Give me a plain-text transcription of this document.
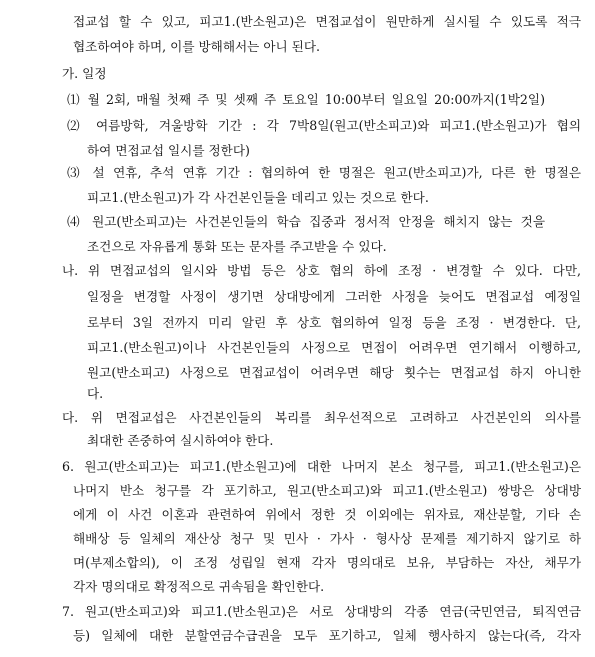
접교섭 할 수 있고, 피고1.(반소원고)은 면접교섭이 원만하게 실시될 수 있도록 적극
협조하여야 하며, 이를 방해해서는 아니 된다.
가. 일정
⑴ 월 2회, 매월 첫째 주 및 셋째 주 토요일 10:00부터 일요일 20:00까지(1박2일)
⑵ 여름방학, 겨울방학 기간 : 각 7박8일(원고(반소피고)와 피고1.(반소원고)가 협의
하여 면접교섭 일시를 정한다)
⑶ 설 연휴, 추석 연휴 기간 : 협의하여 한 명절은 원고(반소피고)가, 다른 한 명절은
피고1.(반소원고)가 각 사건본인들을 데리고 있는 것으로 한다.
⑷ 원고(반소피고)는 사건본인들의 학습 집중과 정서적 안정을 해치지 않는 것을
조건으로 자유롭게 통화 또는 문자를 주고받을 수 있다.
나. 위 면접교섭의 일시와 방법 등은 상호 협의 하에 조정 · 변경할 수 있다. 다만,
일정을 변경할 사정이 생기면 상대방에게 그러한 사정을 늦어도 면접교섭 예정일
로부터 3일 전까지 미리 알린 후 상호 협의하여 일정 등을 조정 · 변경한다. 단,
피고1.(반소원고)이나 사건본인들의 사정으로 면접이 어려우면 연기해서 이행하고,
원고(반소피고) 사정으로 면접교섭이 어려우면 해당 횟수는 면접교섭 하지 아니한
다.
다. 위 면접교섭은 사건본인들의 복리를 최우선적으로 고려하고 사건본인의 의사를
최대한 존중하여 실시하여야 한다.
6. 원고(반소피고)는 피고1.(반소원고)에 대한 나머지 본소 청구를, 피고1.(반소원고)은
나머지 반소 청구를 각 포기하고, 원고(반소피고)와 피고1.(반소원고) 쌍방은 상대방
에게 이 사건 이혼과 관련하여 위에서 정한 것 이외에는 위자료, 재산분할, 기타 손
해배상 등 일체의 재산상 청구 및 민사 · 가사 · 형사상 문제를 제기하지 않기로 하
며(부제소합의), 이 조정 성립일 현재 각자 명의대로 보유, 부담하는 자산, 채무가
각자 명의대로 확정적으로 귀속됨을 확인한다.
7. 원고(반소피고)와 피고1.(반소원고)은 서로 상대방의 각종 연금(국민연금, 퇴직연금
등) 일체에 대한 분할연금수급권을 모두 포기하고, 일체 행사하지 않는다(즉, 각자
